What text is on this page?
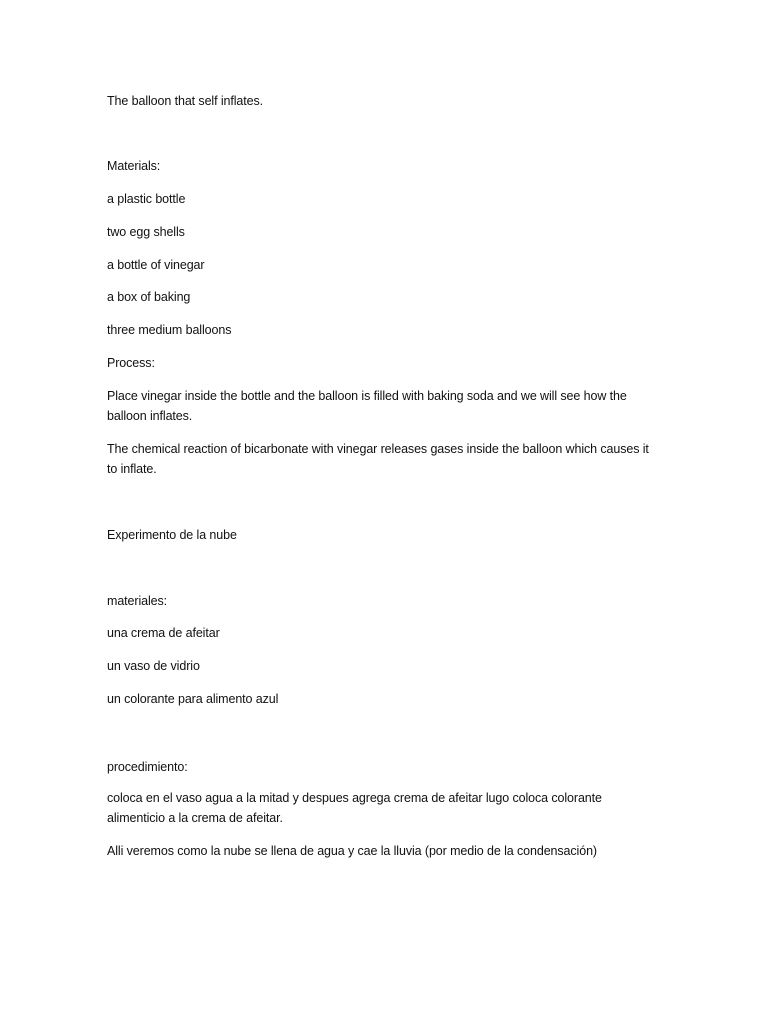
The balloon that self inflates.

Materials:

a plastic bottle

two egg shells

a bottle of vinegar

a box of baking

three medium balloons

Process:

Place vinegar inside the bottle and the balloon is filled with baking soda and we will see how the balloon inflates.

The chemical reaction of bicarbonate with vinegar releases gases inside the balloon which causes it to inflate.

Experimento de la nube

materiales:

una crema de afeitar

un vaso de vidrio

un colorante para alimento azul

procedimiento:

coloca en el vaso agua a la mitad y despues agrega crema de afeitar lugo coloca colorante alimenticio a la crema de afeitar.

Alli veremos como la nube se llena de agua y cae la lluvia (por medio de la condensación)
